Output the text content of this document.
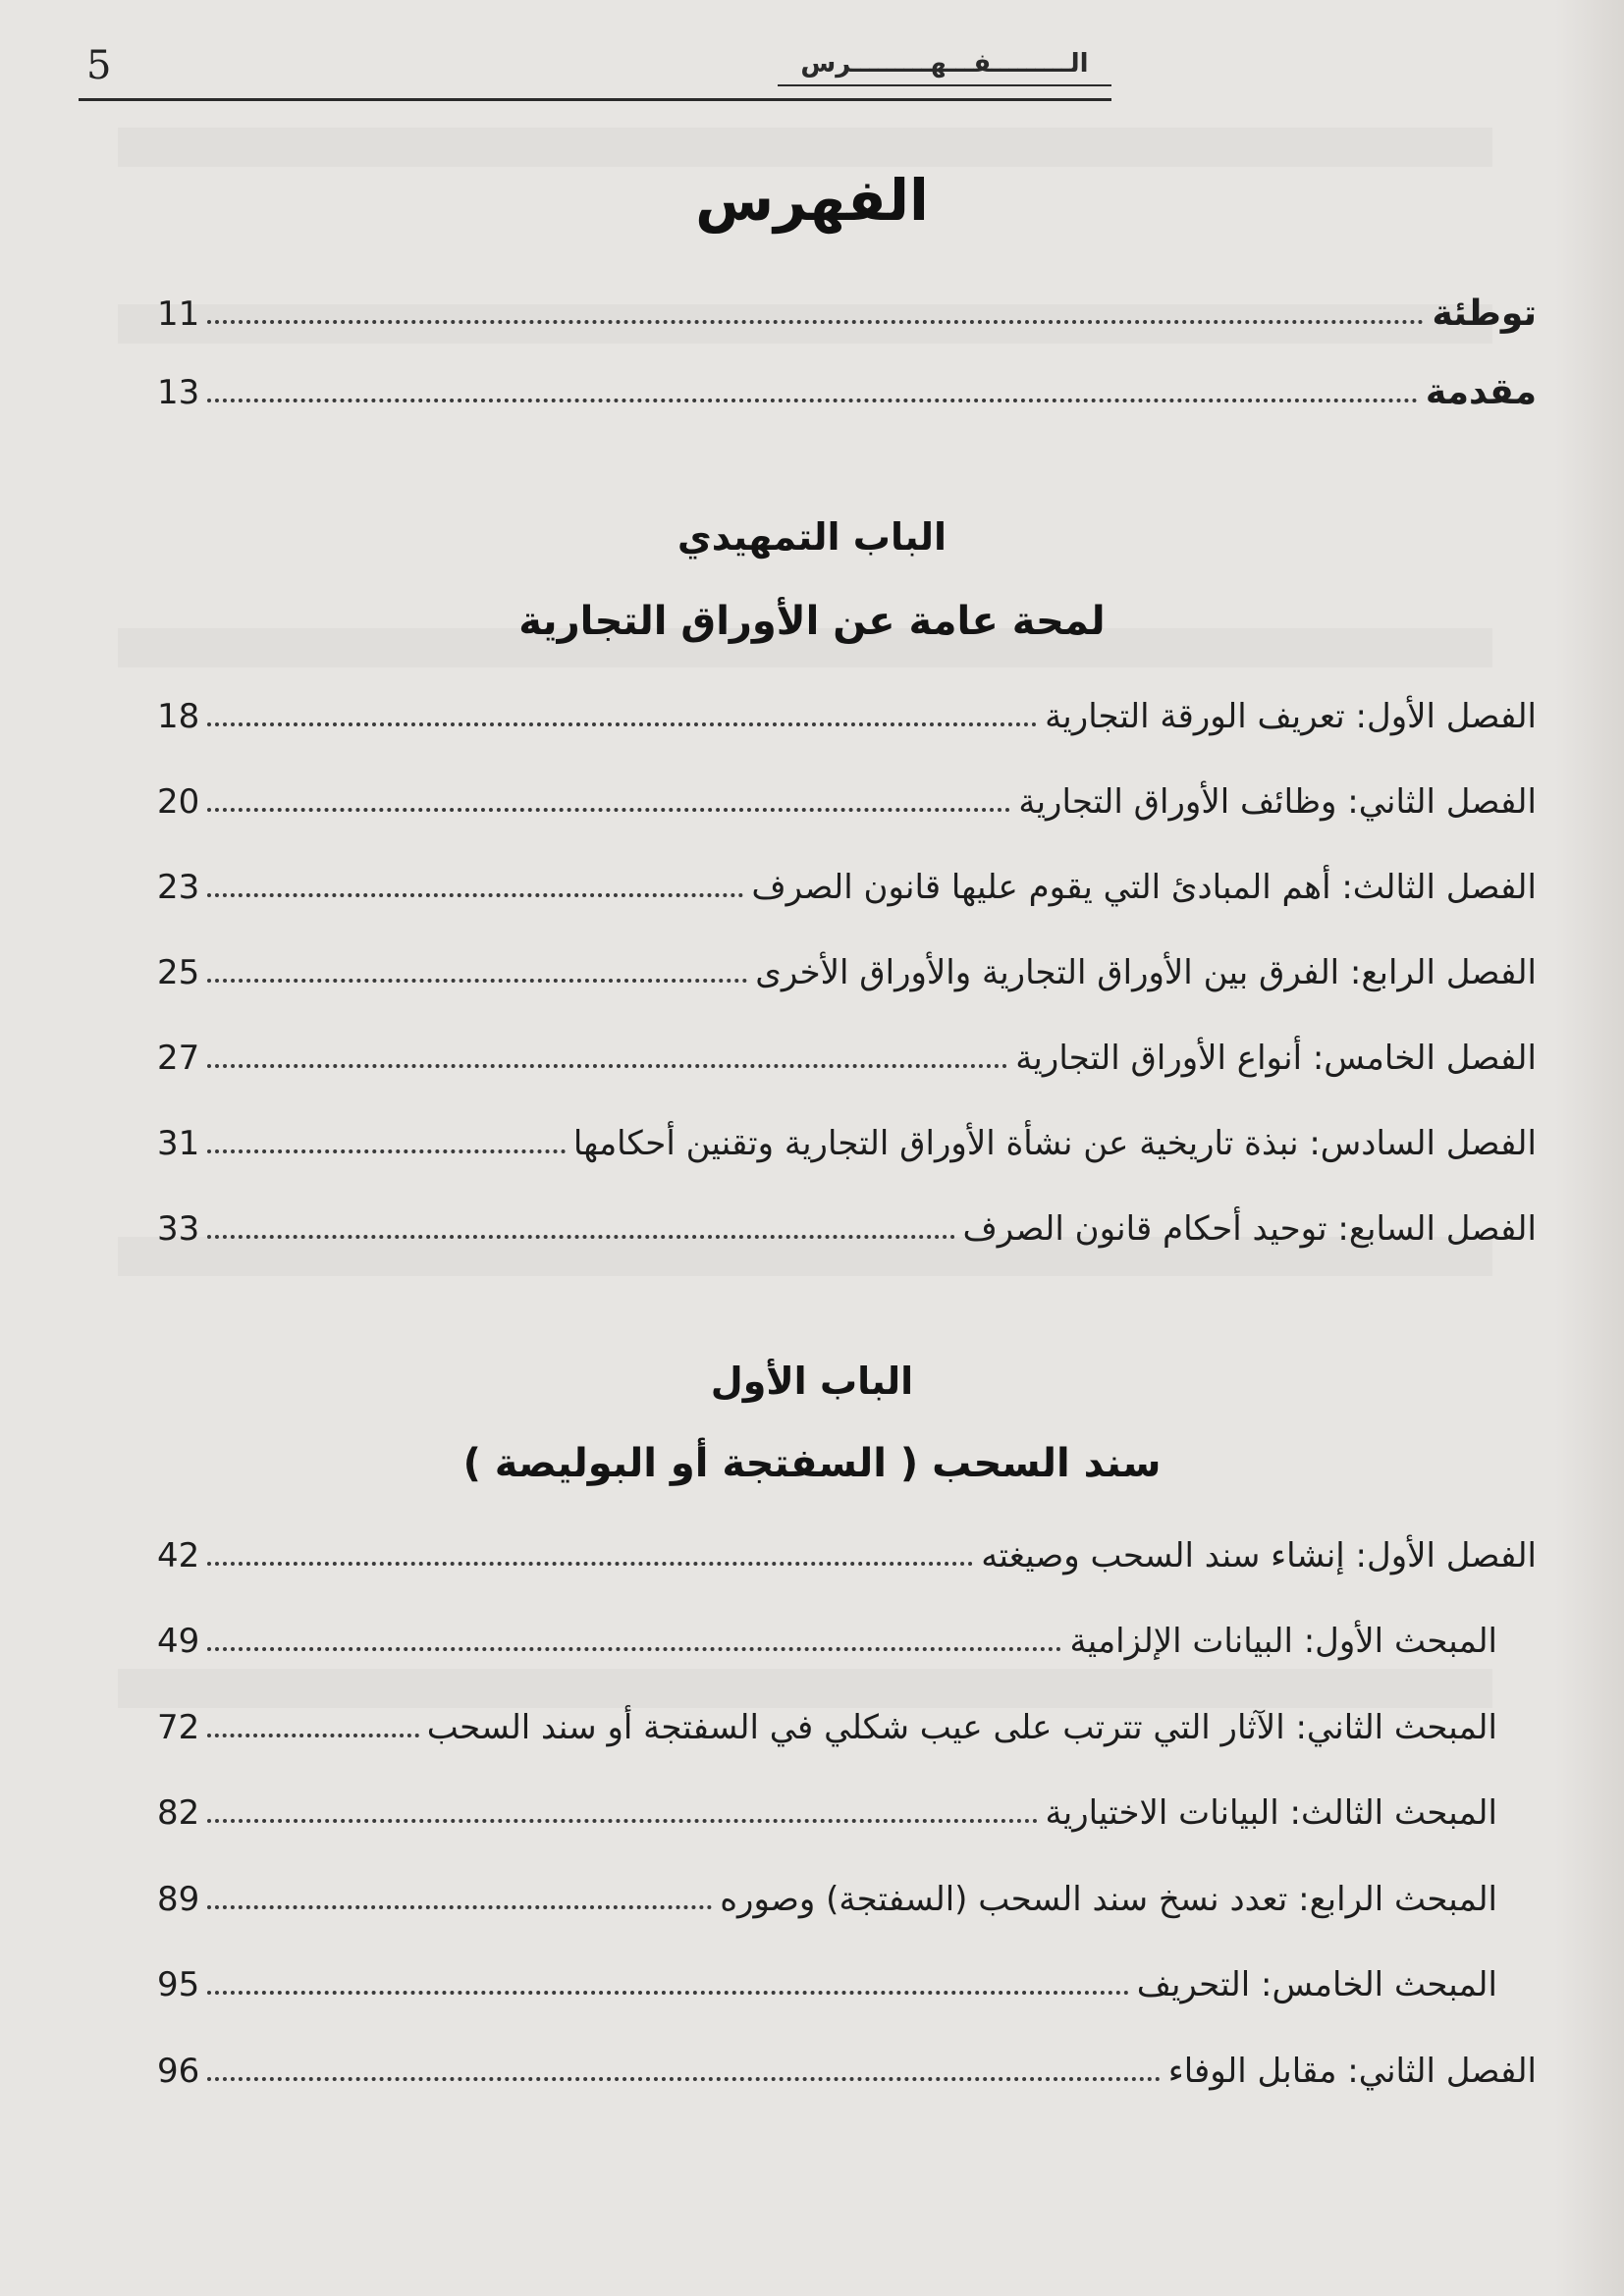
5	الـــــــــفـــهـــــــــرس
الفهرس
توطئة
11
مقدمة
13
الباب التمهيدي
لمحة عامة عن الأوراق التجارية
الفصل الأول: تعريف الورقة التجارية
18
الفصل الثاني: وظائف الأوراق التجارية
20
الفصل الثالث: أهم المبادئ التي يقوم عليها قانون الصرف
23
الفصل الرابع: الفرق بين الأوراق التجارية والأوراق الأخرى
25
الفصل الخامس: أنواع الأوراق التجارية
27
الفصل السادس: نبذة تاريخية عن نشأة الأوراق التجارية وتقنين أحكامها
31
الفصل السابع: توحيد أحكام قانون الصرف
33
الباب الأول
سند السحب ( السفتجة أو البوليصة )
الفصل الأول: إنشاء سند السحب وصيغته
42
المبحث الأول: البيانات الإلزامية
49
المبحث الثاني: الآثار التي تترتب على عيب شكلي في السفتجة أو سند السحب
72
المبحث الثالث: البيانات الاختيارية
82
المبحث الرابع: تعدد نسخ سند السحب (السفتجة) وصوره
89
المبحث الخامس: التحريف
95
الفصل الثاني: مقابل الوفاء
96
